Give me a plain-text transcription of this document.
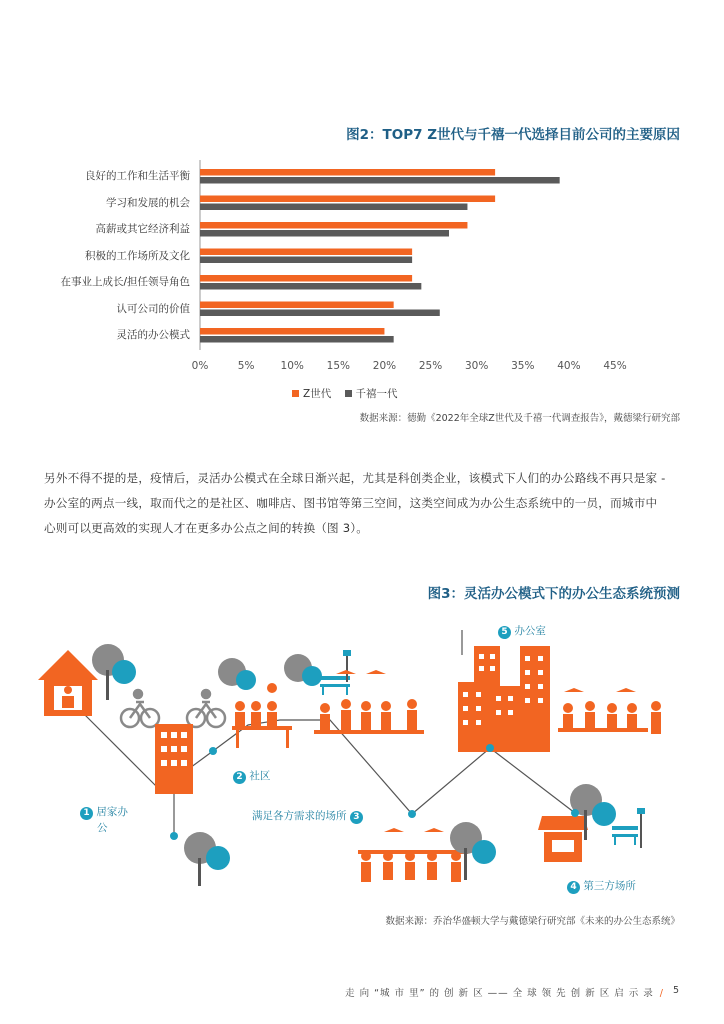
图2：TOP7 Z世代与千禧一代选择目前公司的主要原因
良好的工作和生活平衡
学习和发展的机会
高薪或其它经济利益
积极的工作场所及文化
在事业上成长/担任领导角色
认可公司的价值
灵活的办公模式
0%	5% 10% 15% 20% 25% 30% 35% 40% 45%
Z世代 千禧一代
数据来源：德勤《2022年全球Z世代及千禧一代调查报告》，戴德梁行研究部
另外不得不提的是，疫情后，灵活办公模式在全球日渐兴起，尤其是科创类企业，该模式下人们的办公路线不再只是家 -
办公室的两点一线，取而代之的是社区、咖啡店、图书馆等第三空间，这类空间成为办公生态系统中的一员，而城市中
心则可以更高效的实现人才在更多办公点之间的转换（图 3）。
图3：灵活办公模式下的办公生态系统预测
1 居家办
公
2 社区
满足各方需求的场所 3
4 第三方场所
5 办公室
数据来源：乔治华盛顿大学与戴德梁行研究部《未来的办公生态系统》
走 向 “城 市 里” 的 创 新 区 —— 全 球 领 先 创 新 区 启 示 录 / 5
